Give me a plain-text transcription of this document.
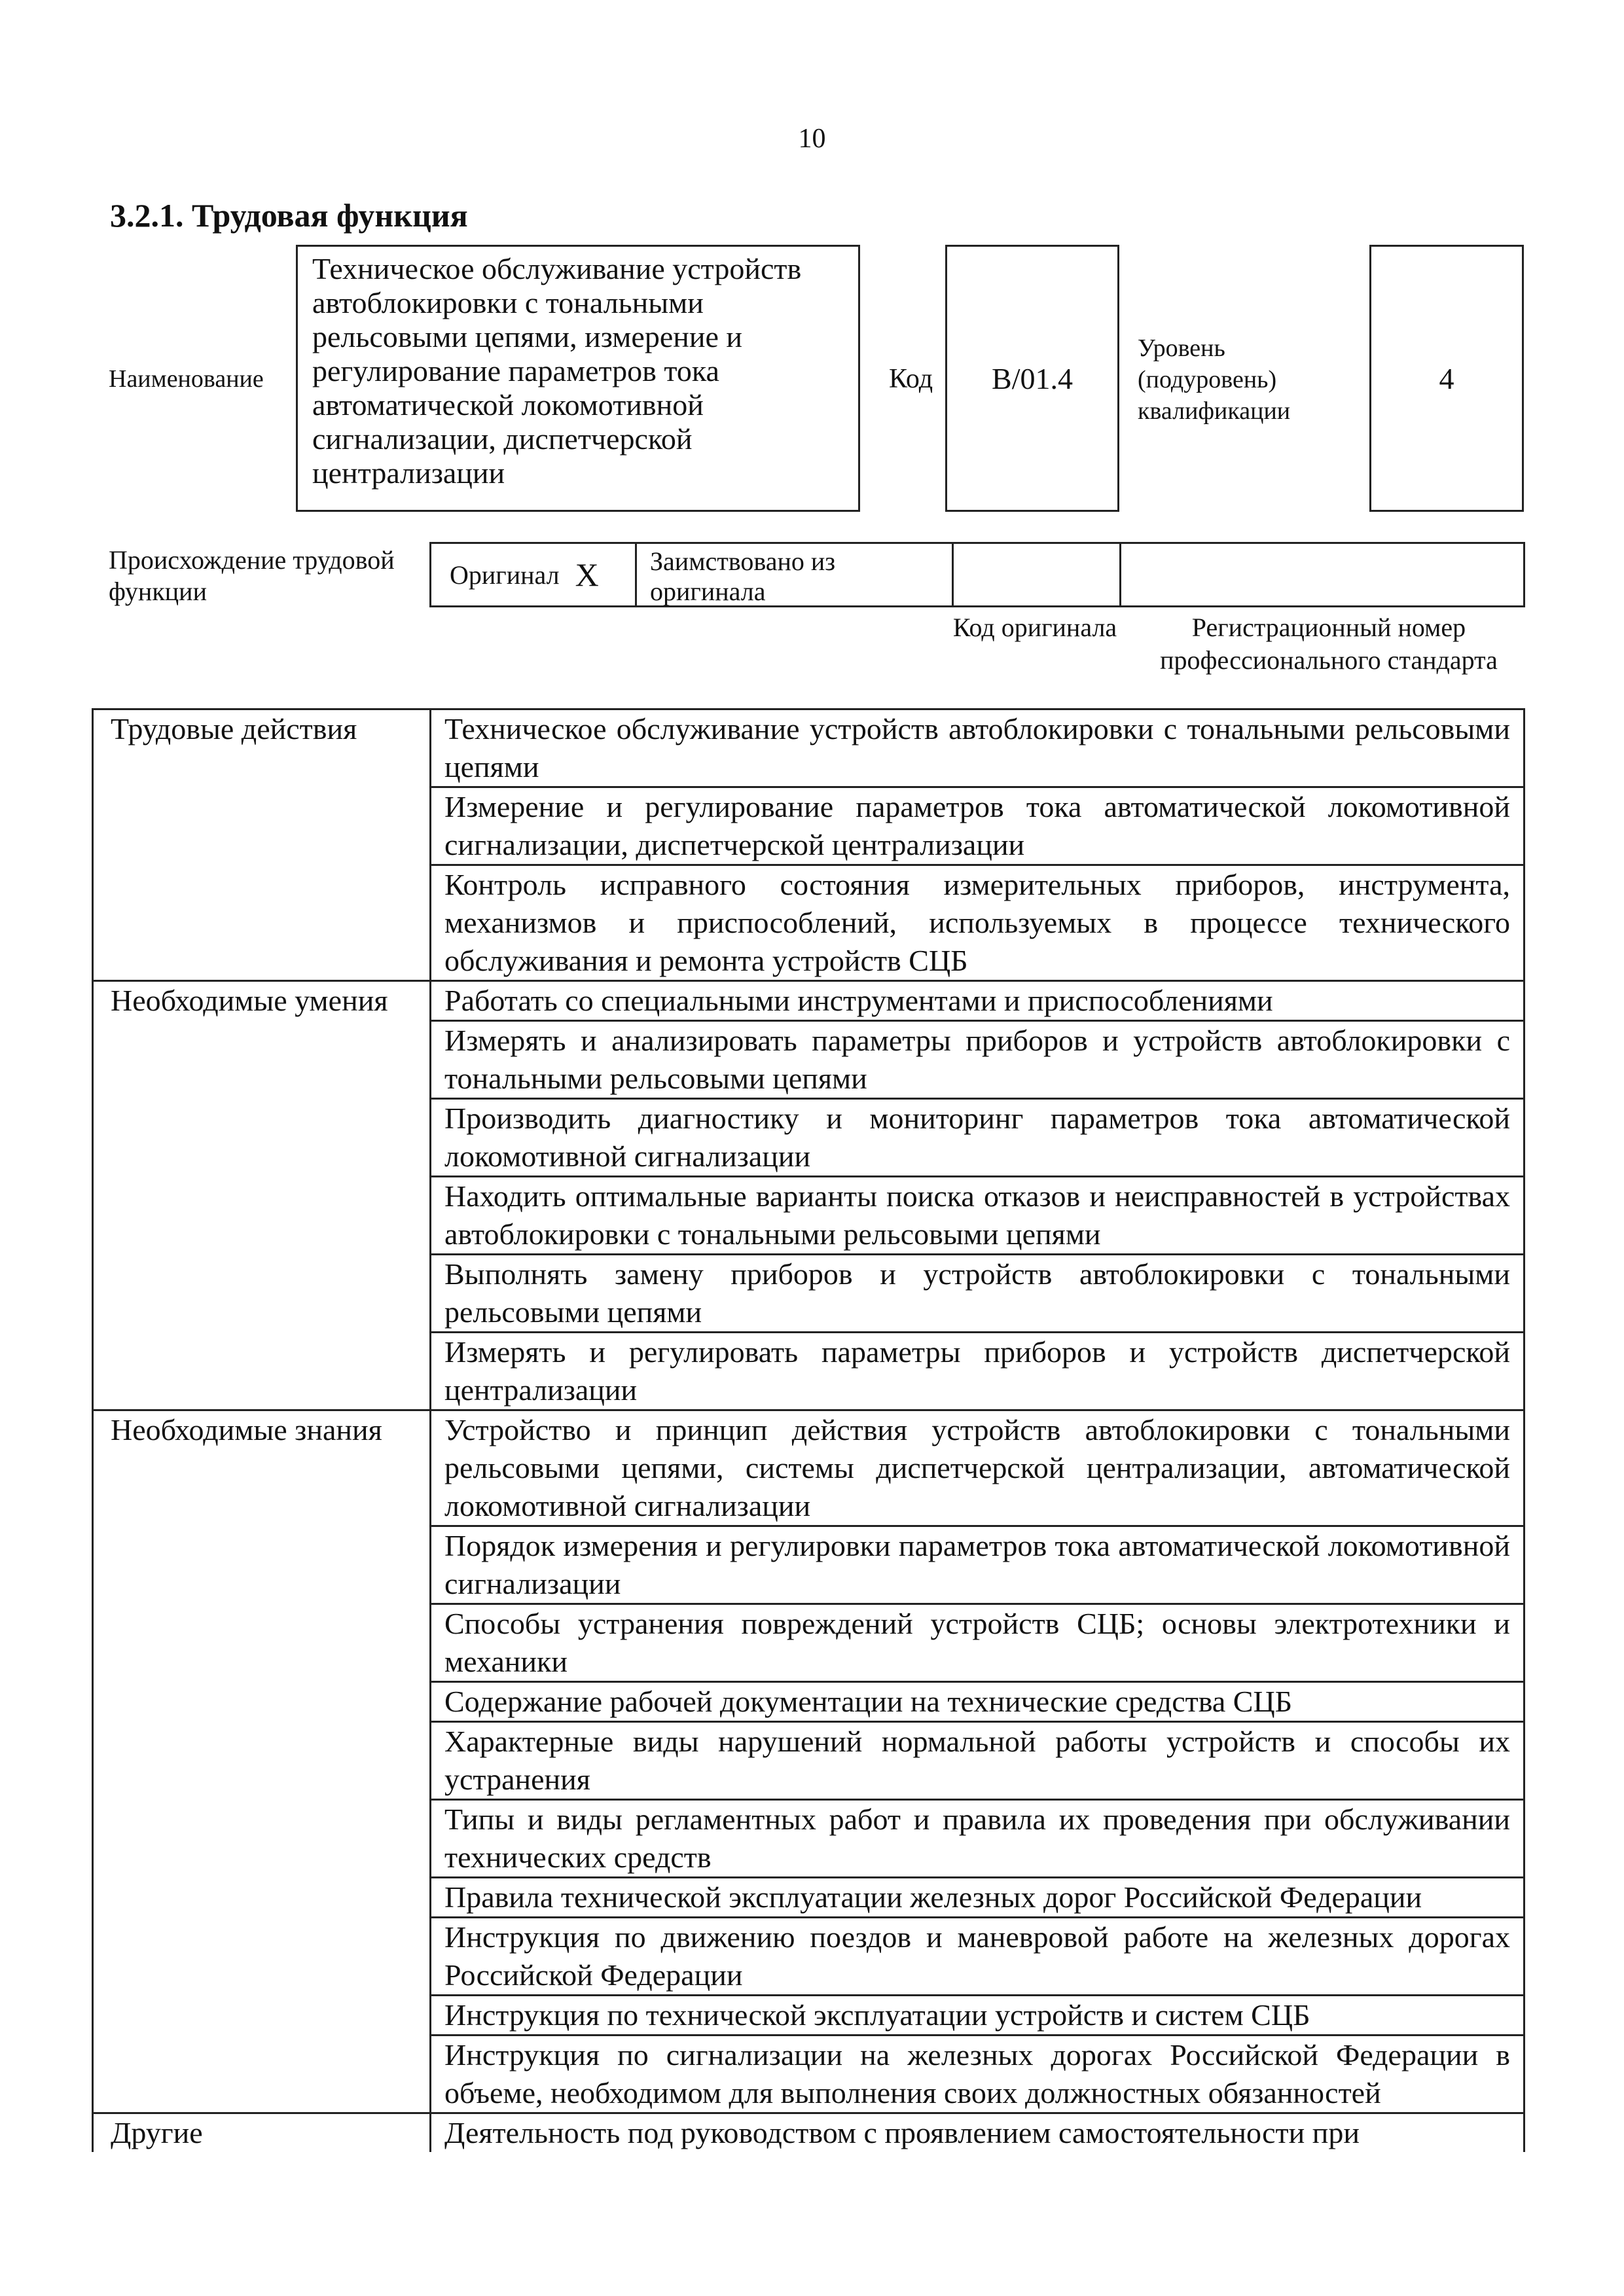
10
3.2.1. Трудовая функция
Наименование
Техническое обслуживание устройств автоблокировки с тональными рельсовыми цепями, измерение и регулирование параметров тока автоматической локомотивной сигнализации, диспетчерской централизации
Код B/01.4
Уровень (подуровень) квалификации
4
Происхождение трудовой функции
Оригинал X	Заимствовано из оригинала
Код оригинала	Регистрационный номер профессионального стандарта
Трудовые действия	Техническое обслуживание устройств автоблокировки с тональными рельсовыми цепями
	Измерение и регулирование параметров тока автоматической локомотивной сигнализации, диспетчерской централизации
	Контроль исправного состояния измерительных приборов, инструмента, механизмов и приспособлений, используемых в процессе технического обслуживания и ремонта устройств СЦБ
Необходимые умения	Работать со специальными инструментами и приспособлениями
	Измерять и анализировать параметры приборов и устройств автоблокировки с тональными рельсовыми цепями
	Производить диагностику и мониторинг параметров тока автоматической локомотивной сигнализации
	Находить оптимальные варианты поиска отказов и неисправностей в устройствах автоблокировки с тональными рельсовыми цепями
	Выполнять замену приборов и устройств автоблокировки с тональными рельсовыми цепями
	Измерять и регулировать параметры приборов и устройств диспетчерской централизации
Необходимые знания	Устройство и принцип действия устройств автоблокировки с тональными рельсовыми цепями, системы диспетчерской централизации, автоматической локомотивной сигнализации
	Порядок измерения и регулировки параметров тока автоматической локомотивной сигнализации
	Способы устранения повреждений устройств СЦБ; основы электротехники и механики
	Содержание рабочей документации на технические средства СЦБ
	Характерные виды нарушений нормальной работы устройств и способы их устранения
	Типы и виды регламентных работ и правила их проведения при обслуживании технических средств
	Правила технической эксплуатации железных дорог Российской Федерации
	Инструкция по движению поездов и маневровой работе на железных дорогах Российской Федерации
	Инструкция по технической эксплуатации устройств и систем СЦБ
	Инструкция по сигнализации на железных дорогах Российской Федерации в объеме, необходимом для выполнения своих должностных обязанностей
Другие	Деятельность под руководством с проявлением самостоятельности при
